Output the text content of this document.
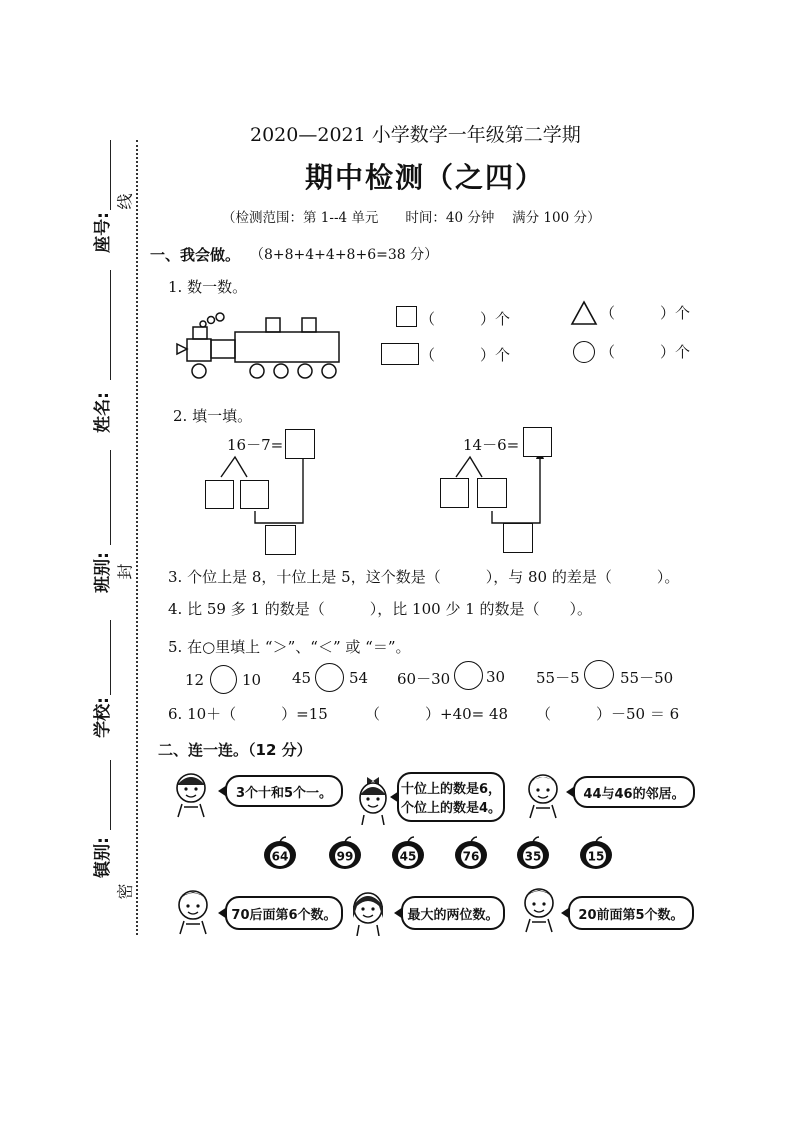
线
封
密
座号:
姓名:
班别:
学校:
镇别:
2020—2021 小学数学一年级第二学期
期中检测（之四）
（检测范围：第 1--4 单元　　时间：40 分钟　 满分 100 分）
一、我会做。 （8+8+4+4+8+6=38 分）
1. 数一数。
（　　　）个
（　　　）个
（　　　）个
（　　　）个
2. 填一填。
16－7=	14－6=
3. 个位上是 8，十位上是 5，这个数是（　　　），与 80 的差是（　　　）。
4. 比 59 多 1 的数是（　　　），比 100 少 1 的数是（　　）。
5. 在○里填上 “＞”、“＜” 或 “＝”。
12	10 45	54 60－30 30 55－5	55－50
6. 10＋（　　　）=15 （　　　）+40= 48 （　　　）－50 ＝ 6
二、连一连。（12 分）
3个十和5个一。	十位上的数是6，
个位上的数是4。
44与46的邻居。
64	99	45	76	35	15
70后面第6个数。	最大的两位数。	20前面第5个数。
